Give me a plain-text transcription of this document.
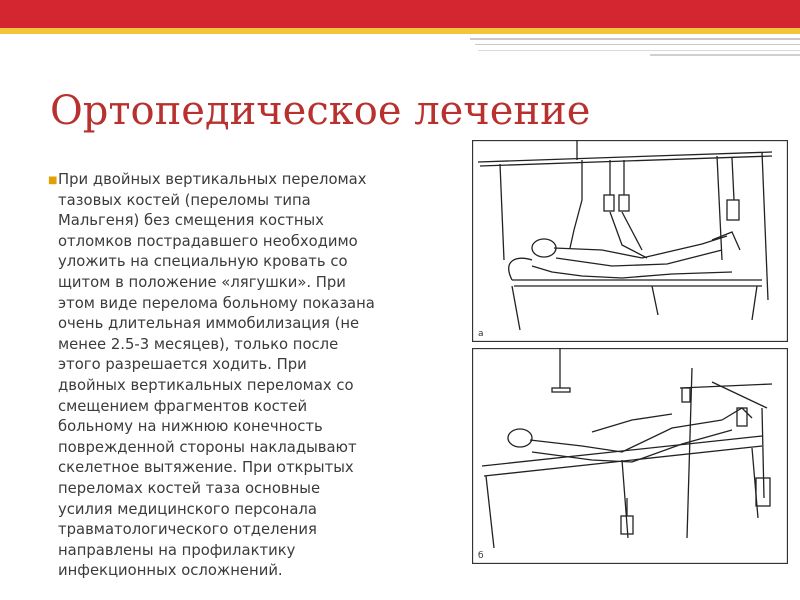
Ортопедическое лечение
■ При двойных вертикальных переломах
тазовых костей (переломы типа
Мальгеня) без смещения костных
отломков пострадавшего необходимо
уложить на специальную кровать со
щитом в положение «лягушки». При
этом виде перелома больному показана
очень длительная иммобилизация (не
менее 2.5-3 месяцев), только после
этого разрешается ходить. При
двойных вертикальных переломах со
смещением фрагментов костей
больному на нижнюю конечность
поврежденной стороны накладывают
скелетное вытяжение. При открытых
переломах костей таза основные
усилия медицинского персонала
травматологического отделения
направлены на профилактику
инфекционных осложнений.
а
б
